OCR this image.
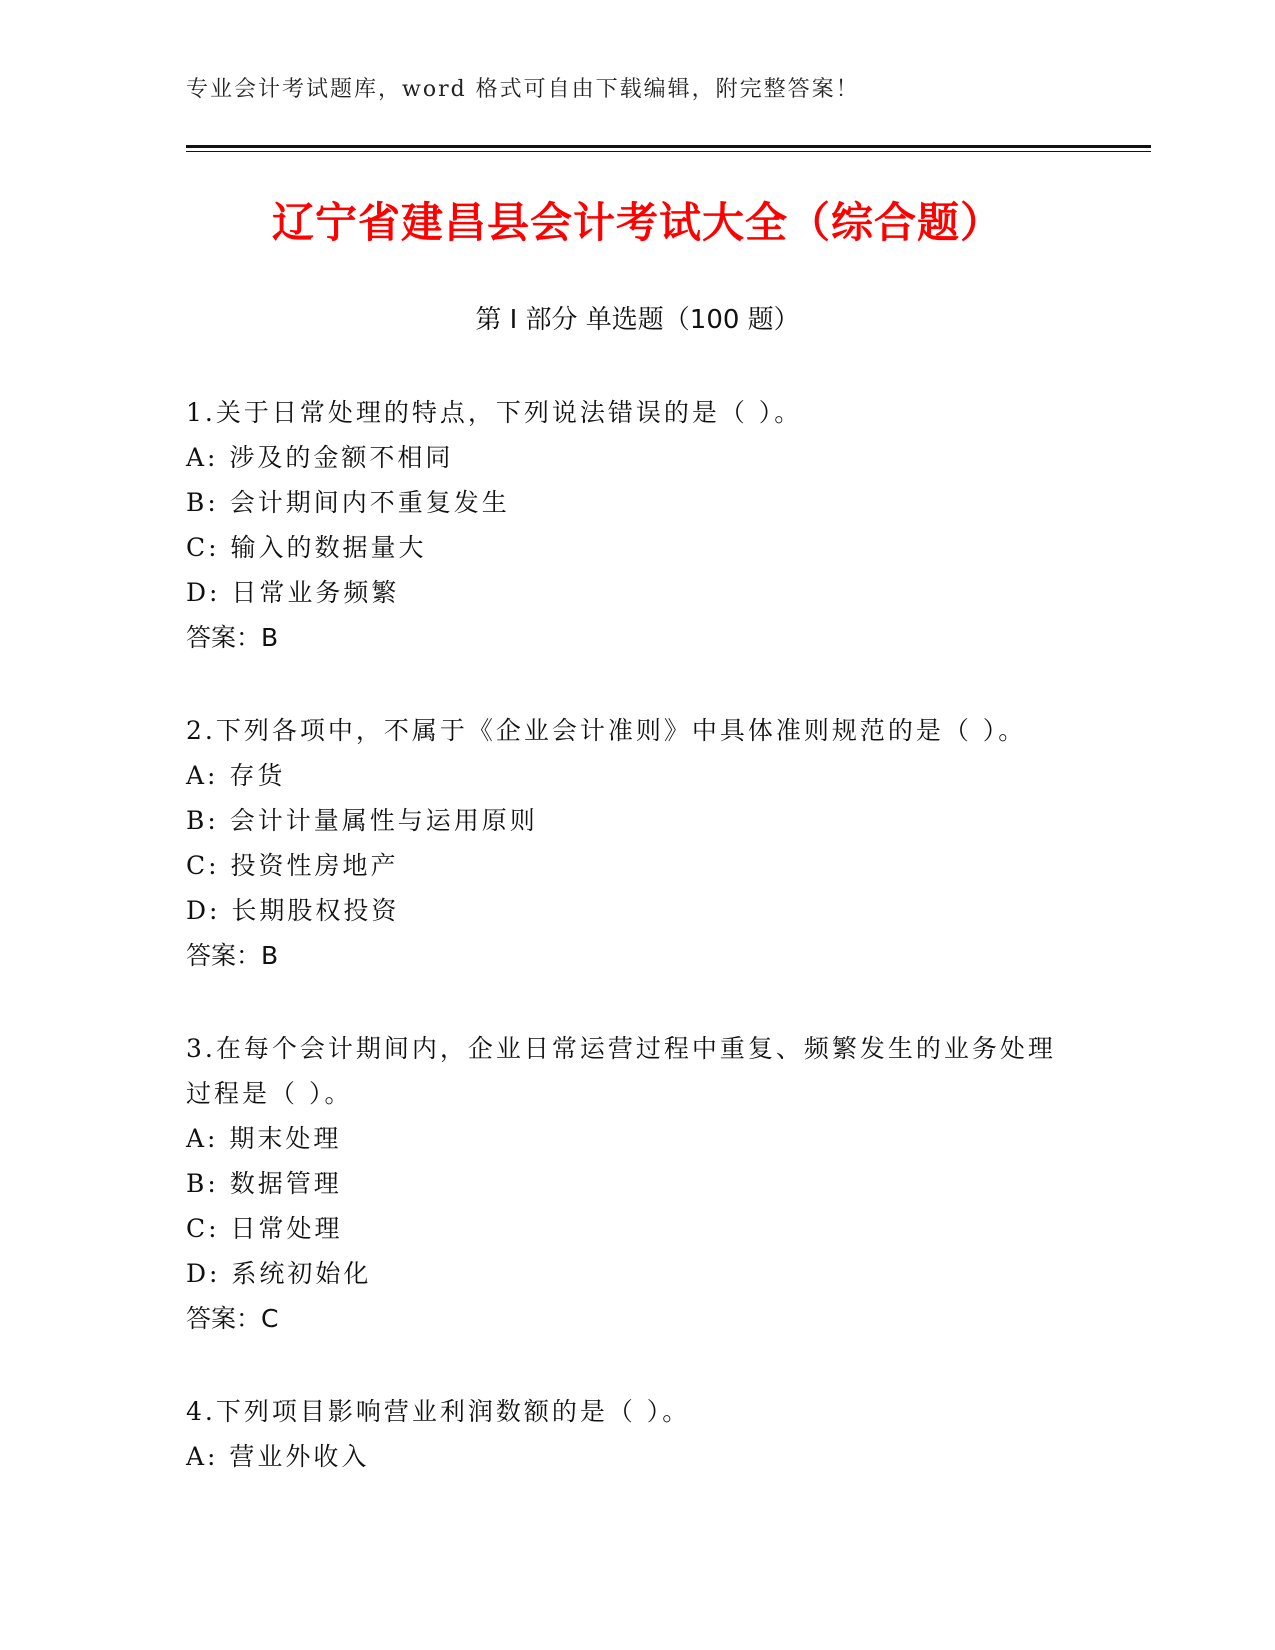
专业会计考试题库，word 格式可自由下载编辑，附完整答案！
辽宁省建昌县会计考试大全（综合题）
第 I 部分 单选题（100 题）

1.关于日常处理的特点，下列说法错误的是（ ）。

A: 涉及的金额不相同

B: 会计期间内不重复发生

C: 输入的数据量大

D: 日常业务频繁

答案：B

2.下列各项中，不属于《企业会计准则》中具体准则规范的是（ ）。

A: 存货

B: 会计计量属性与运用原则

C: 投资性房地产

D: 长期股权投资

答案：B

3.在每个会计期间内，企业日常运营过程中重复、频繁发生的业务处理过程是（ ）。

A: 期末处理

B: 数据管理

C: 日常处理

D: 系统初始化

答案：C

4.下列项目影响营业利润数额的是（ ）。

A: 营业外收入
